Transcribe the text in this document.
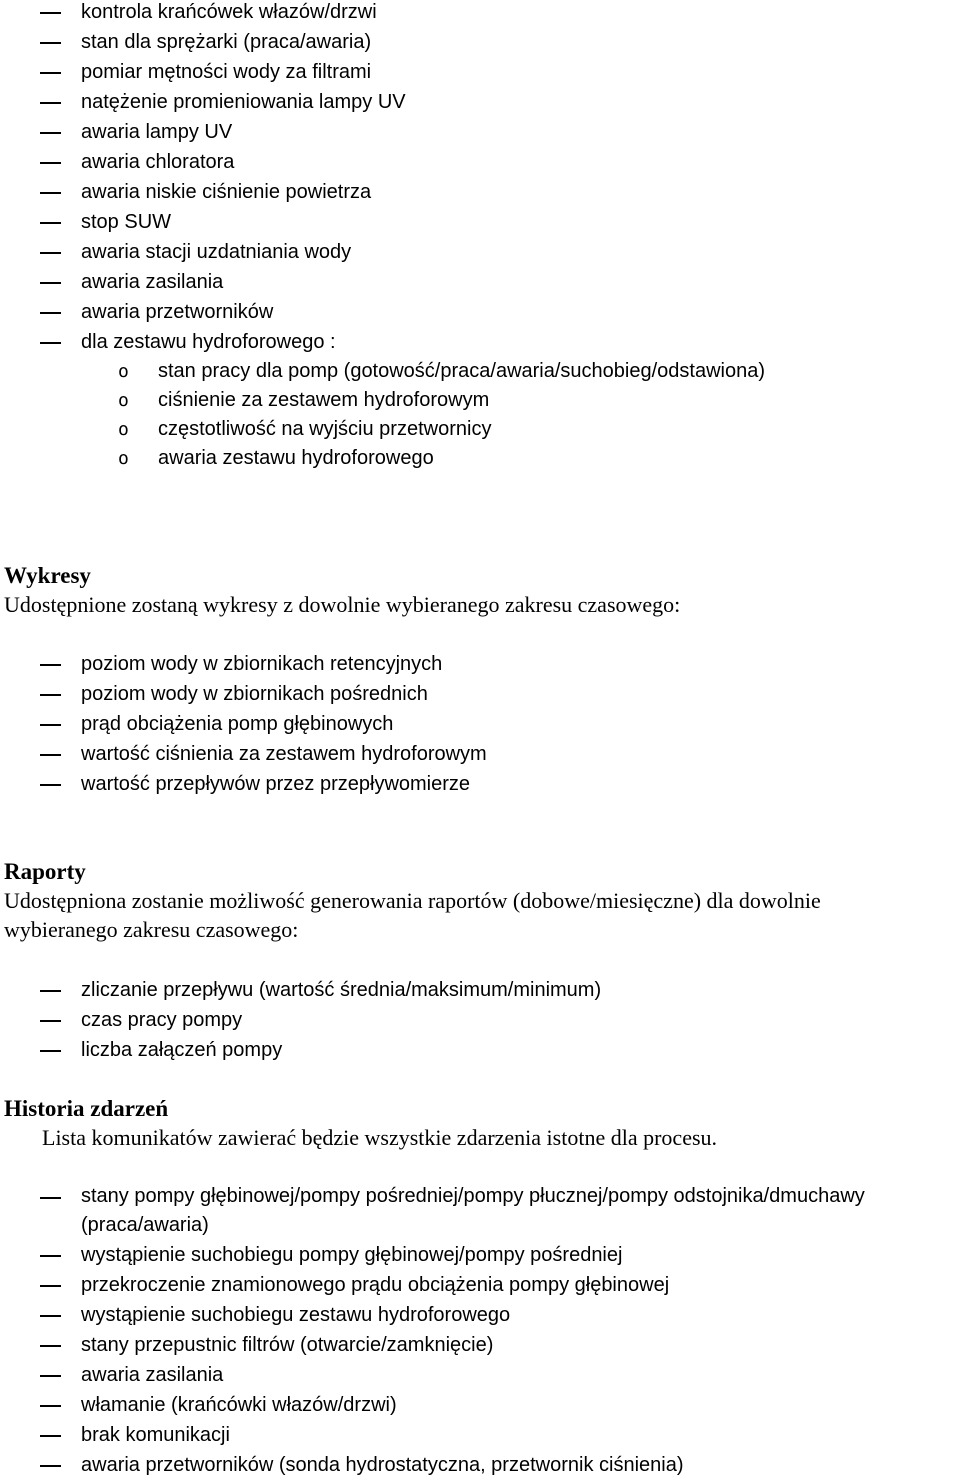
kontrola krańcówek włazów/drzwi
stan dla sprężarki (praca/awaria)
pomiar mętności wody za filtrami
natężenie promieniowania lampy UV
awaria lampy UV
awaria chloratora
awaria niskie ciśnienie powietrza
stop SUW
awaria stacji uzdatniania wody
awaria zasilania
awaria przetworników
dla zestawu hydroforowego :
o stan pracy dla pomp (gotowość/praca/awaria/suchobieg/odstawiona)
o ciśnienie za zestawem hydroforowym
o częstotliwość na wyjściu przetwornicy
o awaria zestawu hydroforowego
Wykresy
Udostępnione zostaną wykresy z dowolnie wybieranego zakresu czasowego:
poziom wody w zbiornikach retencyjnych
poziom wody w zbiornikach pośrednich
prąd obciążenia pomp głębinowych
wartość ciśnienia za zestawem hydroforowym
wartość przepływów przez przepływomierze
Raporty
Udostępniona zostanie możliwość generowania raportów (dobowe/miesięczne) dla dowolnie
wybieranego zakresu czasowego:
zliczanie przepływu (wartość średnia/maksimum/minimum)
czas pracy pompy
liczba załączeń pompy
Historia zdarzeń
Lista komunikatów zawierać będzie wszystkie zdarzenia istotne dla procesu.
stany pompy głębinowej/pompy pośredniej/pompy płucznej/pompy odstojnika/dmuchawy
(praca/awaria)
wystąpienie suchobiegu pompy głębinowej/pompy pośredniej
przekroczenie znamionowego prądu obciążenia pompy głębinowej
wystąpienie suchobiegu zestawu hydroforowego
stany przepustnic filtrów (otwarcie/zamknięcie)
awaria zasilania
włamanie (krańcówki włazów/drzwi)
brak komunikacji
awaria przetworników (sonda hydrostatyczna, przetwornik ciśnienia)
